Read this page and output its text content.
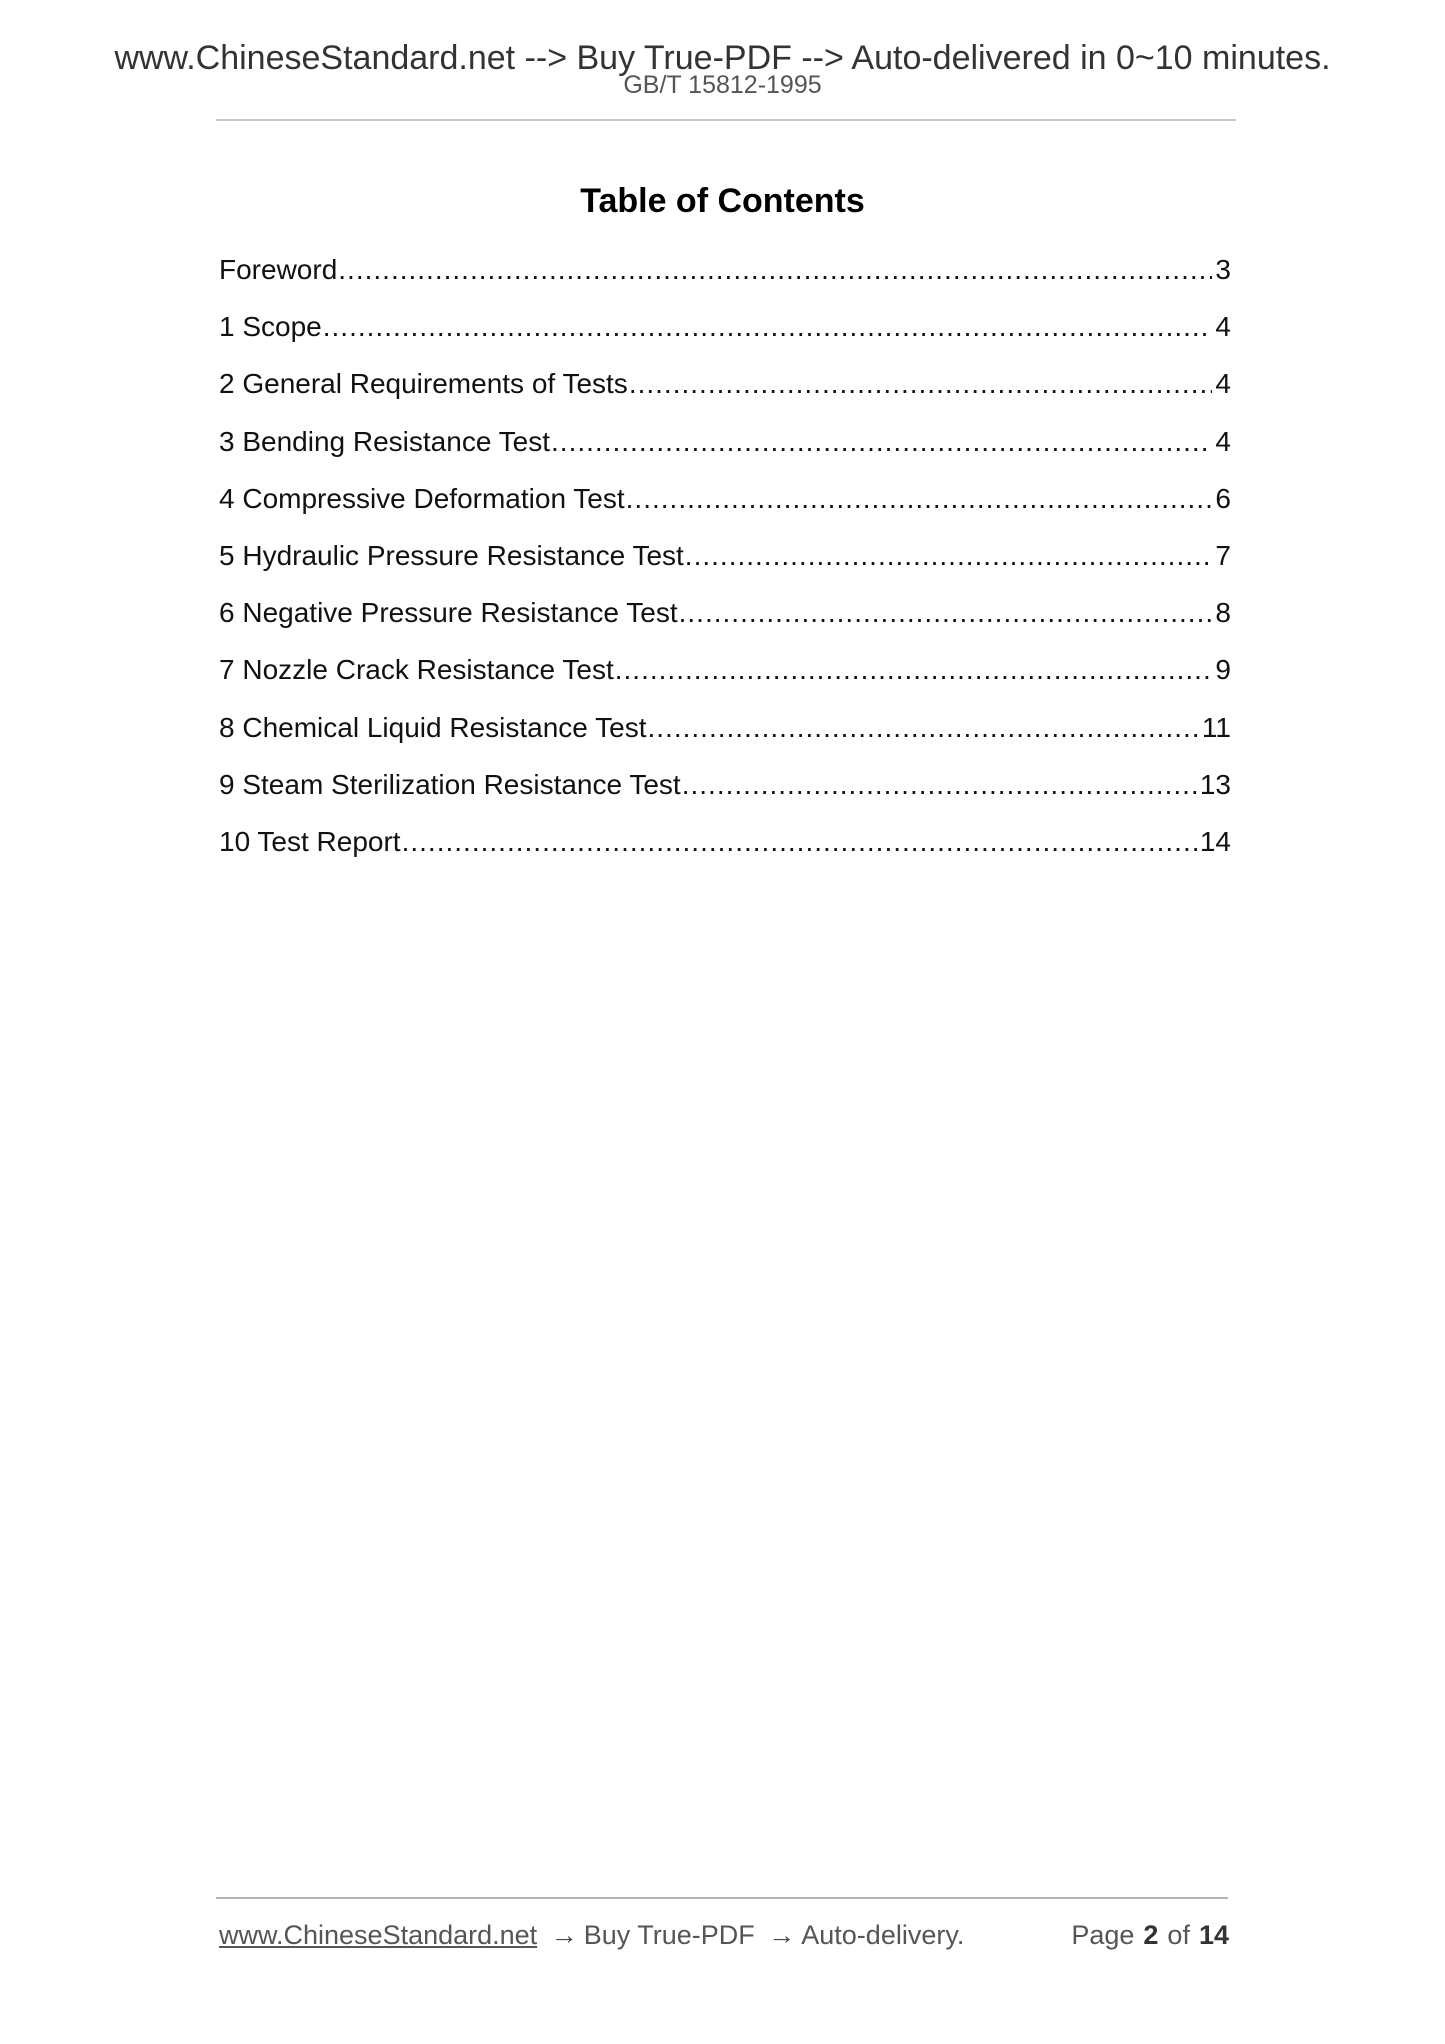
www.ChineseStandard.net --> Buy True-PDF --> Auto-delivered in 0~10 minutes.
GB/T 15812-1995
Table of Contents
Foreword .....	3
1 Scope .....	4
2 General Requirements of Tests .....	4
3 Bending Resistance Test .....	4
4 Compressive Deformation Test .....	6
5 Hydraulic Pressure Resistance Test .....	7
6 Negative Pressure Resistance Test .....	8
7 Nozzle Crack Resistance Test .....	9
8 Chemical Liquid Resistance Test .....	11
9 Steam Sterilization Resistance Test .....	13
10 Test Report .....	14
www.ChineseStandard.net → Buy True-PDF → Auto-delivery.	Page 2 of 14
